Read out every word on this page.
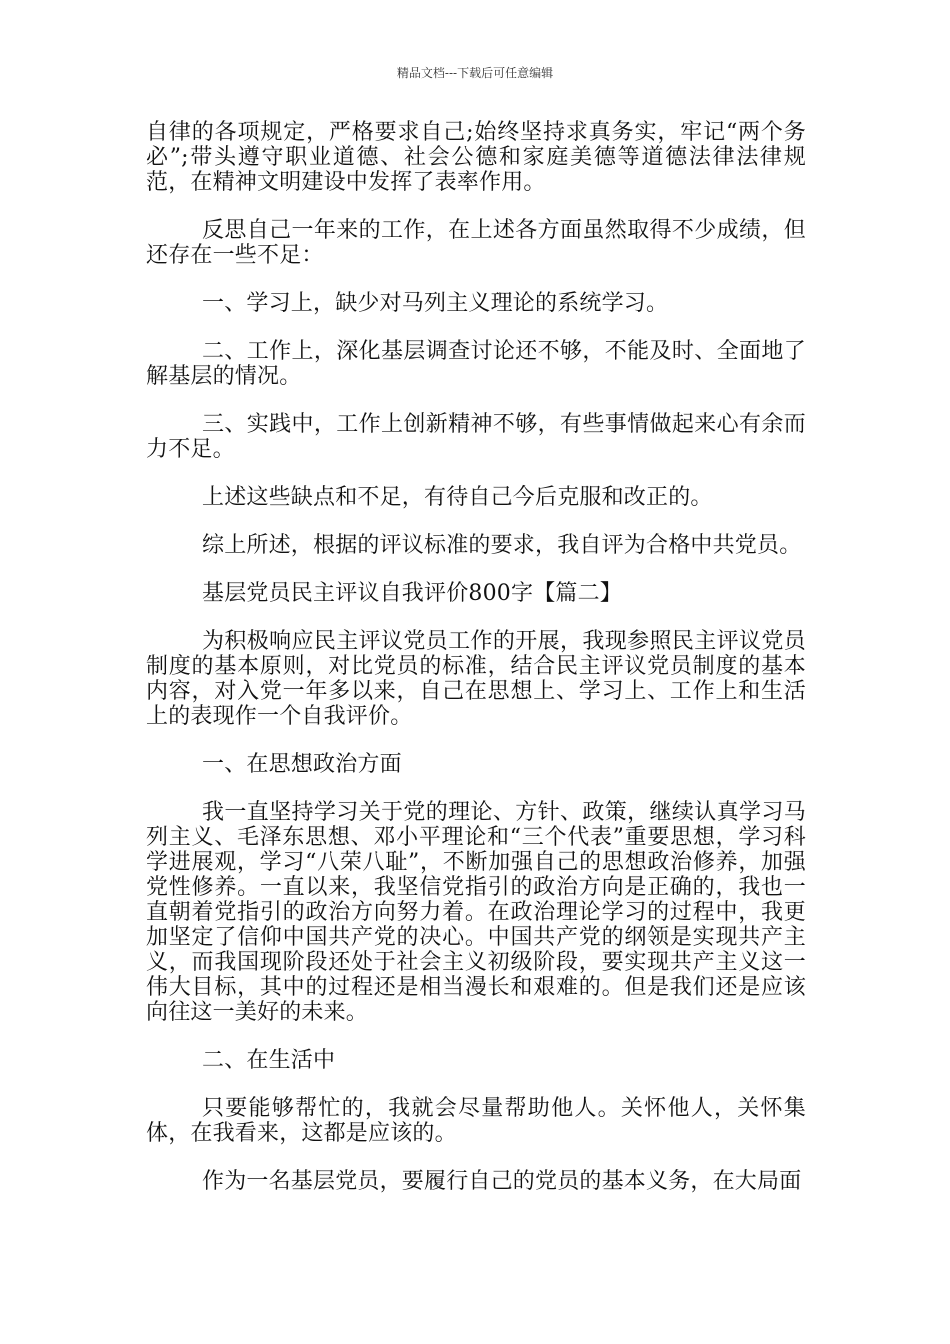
精品文档---下载后可任意编辑

自律的各项规定，严格要求自己;始终坚持求真务实，牢记“两个务必”;带头遵守职业道德、社会公德和家庭美德等道德法律法律规范，在精神文明建设中发挥了表率作用。

反思自己一年来的工作，在上述各方面虽然取得不少成绩，但还存在一些不足：

一、学习上，缺少对马列主义理论的系统学习。

二、工作上，深化基层调查讨论还不够，不能及时、全面地了解基层的情况。

三、实践中，工作上创新精神不够，有些事情做起来心有余而力不足。

上述这些缺点和不足，有待自己今后克服和改正的。

综上所述，根据的评议标准的要求，我自评为合格中共党员。

基层党员民主评议自我评价800字【篇二】

为积极响应民主评议党员工作的开展，我现参照民主评议党员制度的基本原则，对比党员的标准，结合民主评议党员制度的基本内容，对入党一年多以来，自己在思想上、学习上、工作上和生活上的表现作一个自我评价。

一、在思想政治方面

我一直坚持学习关于党的理论、方针、政策，继续认真学习马列主义、毛泽东思想、邓小平理论和“三个代表”重要思想，学习科学进展观，学习“八荣八耻”，不断加强自己的思想政治修养，加强党性修养。一直以来，我坚信党指引的政治方向是正确的，我也一直朝着党指引的政治方向努力着。在政治理论学习的过程中，我更加坚定了信仰中国共产党的决心。中国共产党的纲领是实现共产主义，而我国现阶段还处于社会主义初级阶段，要实现共产主义这一伟大目标，其中的过程还是相当漫长和艰难的。但是我们还是应该向往这一美好的未来。

二、在生活中

只要能够帮忙的，我就会尽量帮助他人。关怀他人，关怀集体，在我看来，这都是应该的。

作为一名基层党员，要履行自己的党员的基本义务，在大局面
